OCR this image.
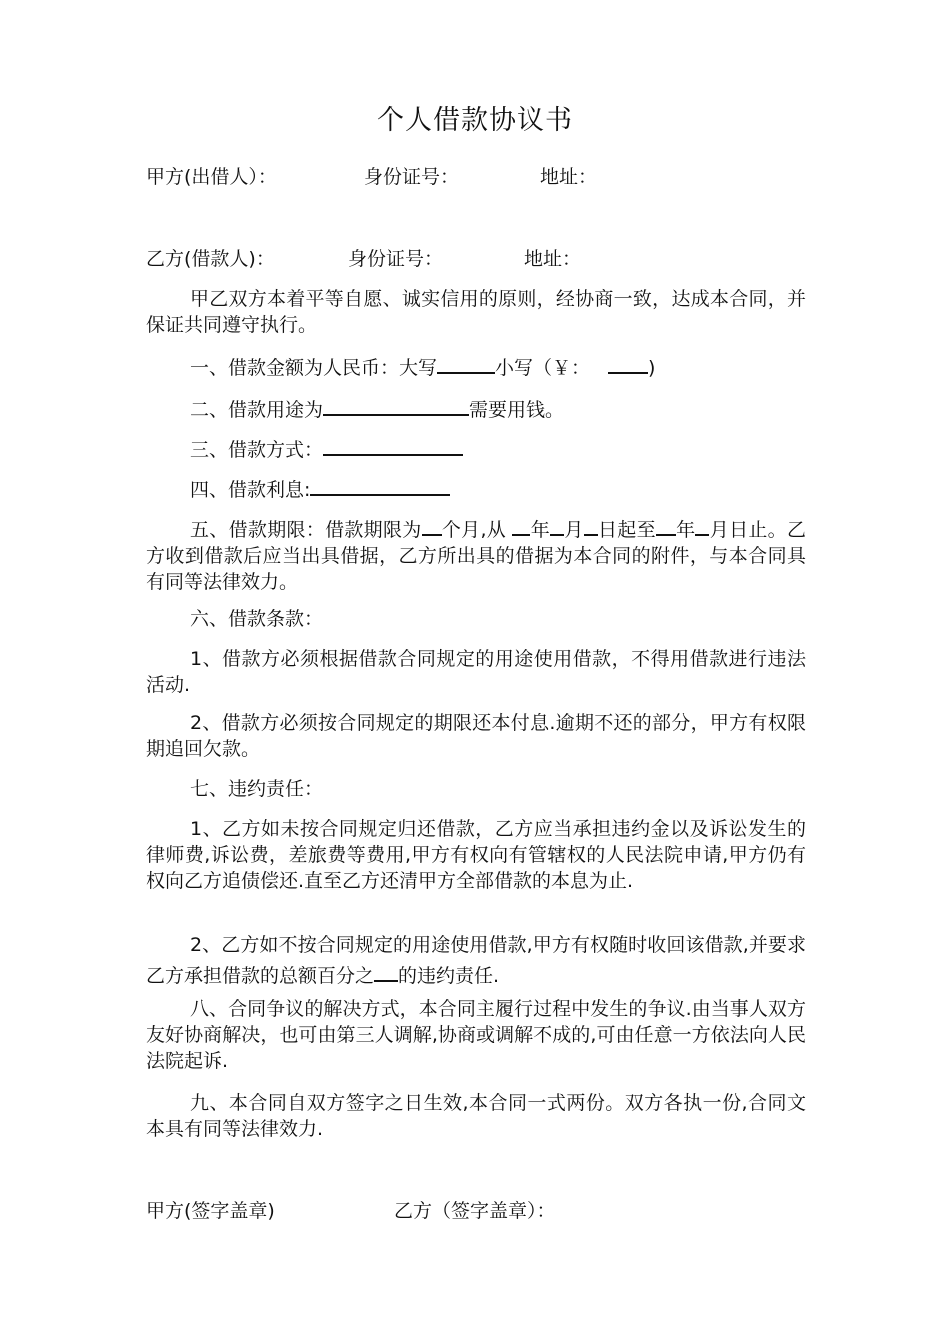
个人借款协议书
甲方(出借人）：	身份证号：	地址：
乙方(借款人)：	身份证号：	地址：

甲乙双方本着平等自愿、诚实信用的原则，经协商一致，达成本合同，并保证共同遵守执行。

一、借款金额为人民币：大写	小写（￥：	)

二、借款用途为	需要用钱。

三、借款方式：

四、借款利息:

五、借款期限：借款期限为 个月,从 年 月 日起至 年 月日止。乙方收到借款后应当出具借据，乙方所出具的借据为本合同的附件，与本合同具有同等法律效力。

六、借款条款：

1、借款方必须根据借款合同规定的用途使用借款，不得用借款进行违法活动.

2、借款方必须按合同规定的期限还本付息.逾期不还的部分，甲方有权限期追回欠款。

七、违约责任：

1、乙方如未按合同规定归还借款，乙方应当承担违约金以及诉讼发生的律师费,诉讼费，差旅费等费用,甲方有权向有管辖权的人民法院申请,甲方仍有权向乙方追债偿还.直至乙方还清甲方全部借款的本息为止.

2、乙方如不按合同规定的用途使用借款,甲方有权随时收回该借款,并要求乙方承担借款的总额百分之 的违约责任.

八、合同争议的解决方式，本合同主履行过程中发生的争议.由当事人双方友好协商解决，也可由第三人调解,协商或调解不成的,可由任意一方依法向人民法院起诉.

九、本合同自双方签字之日生效,本合同一式两份。双方各执一份,合同文本具有同等法律效力.

甲方(签字盖章)	乙方（签字盖章）：
